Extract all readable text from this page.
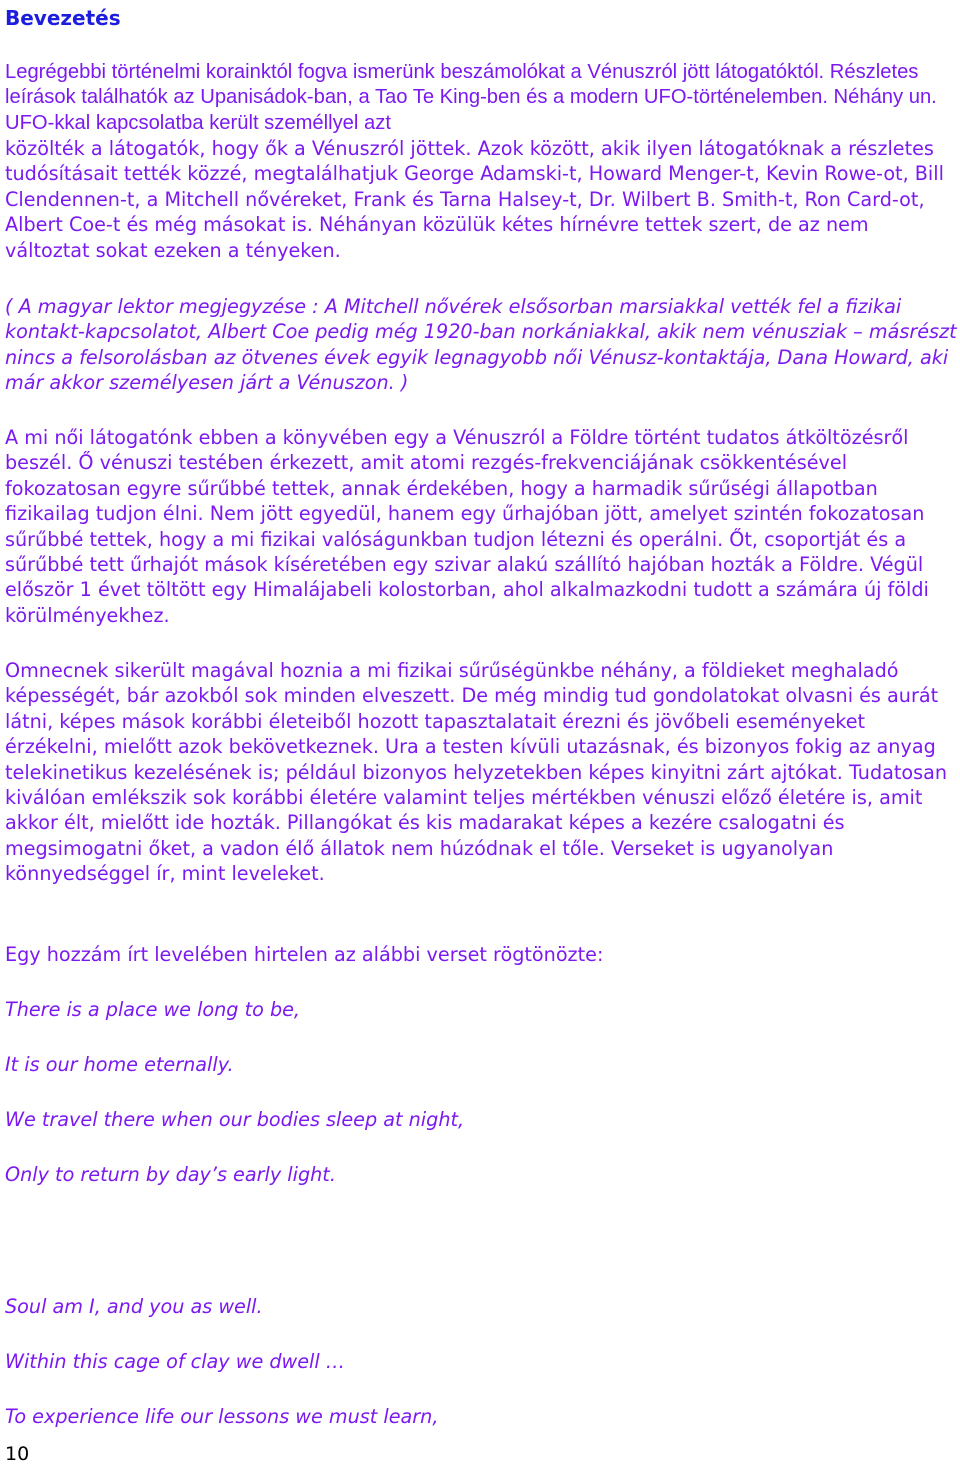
Bevezetés

Legrégebbi történelmi korainktól fogva ismerünk beszámolókat a Vénuszról jött látogatóktól. Részletes leírások találhatók az Upanisádok-ban, a Tao Te King-ben és a modern UFO-történelemben. Néhány un. UFO-kkal kapcsolatba került személlyel azt

közölték a látogatók, hogy ők a Vénuszról jöttek. Azok között, akik ilyen látogatóknak a részletes tudósításait tették közzé, megtalálhatjuk George Adamski-t, Howard Menger-t, Kevin Rowe-ot, Bill Clendennen-t, a Mitchell nővéreket, Frank és Tarna Halsey-t, Dr. Wilbert B. Smith-t, Ron Card-ot, Albert Coe-t és még másokat is. Néhányan közülük kétes hírnévre tettek szert, de az nem változtat sokat ezeken a tényeken.

( A magyar lektor megjegyzése : A Mitchell nővérek elsősorban marsiakkal vették fel a fizikai kontakt-kapcsolatot, Albert Coe pedig még 1920-ban norkániakkal, akik nem vénusziak – másrészt nincs a felsorolásban az ötvenes évek egyik legnagyobb női Vénusz-kontaktája, Dana Howard, aki már akkor személyesen járt a Vénuszon. )

A mi női látogatónk ebben a könyvében egy a Vénuszról a Földre történt tudatos átköltözésről beszél. Ő vénuszi testében érkezett, amit atomi rezgés-frekvenciájának csökkentésével fokozatosan egyre sűrűbbé tettek, annak érdekében, hogy a harmadik sűrűségi állapotban fizikailag tudjon élni. Nem jött egyedül, hanem egy űrhajóban jött, amelyet szintén fokozatosan sűrűbbé tettek, hogy a mi fizikai valóságunkban tudjon létezni és operálni. Őt, csoportját és a sűrűbbé tett űrhajót mások kíséretében egy szivar alakú szállító hajóban hozták a Földre. Végül először 1 évet töltött egy Himalájabeli kolostorban, ahol alkalmazkodni tudott a számára új földi körülményekhez.

Omnecnek sikerült magával hoznia a mi fizikai sűrűségünkbe néhány, a földieket meghaladó képességét, bár azokból sok minden elveszett. De még mindig tud gondolatokat olvasni és aurát látni, képes mások korábbi életeiből hozott tapasztalatait érezni és jövőbeli eseményeket érzékelni, mielőtt azok bekövetkeznek. Ura a testen kívüli utazásnak, és bizonyos fokig az anyag telekinetikus kezelésének is; például bizonyos helyzetekben képes kinyitni zárt ajtókat. Tudatosan kiválóan emlékszik sok korábbi életére valamint teljes mértékben vénuszi előző életére is, amit akkor élt, mielőtt ide hozták. Pillangókat és kis madarakat képes a kezére csalogatni és megsimogatni őket, a vadon élő állatok nem húzódnak el tőle. Verseket is ugyanolyan könnyedséggel ír, mint leveleket.

Egy hozzám írt levelében hirtelen az alábbi verset rögtönözte:

There is a place we long to be,

It is our home eternally.

We travel there when our bodies sleep at night,

Only to return by day’s early light.

Soul am I, and you as well.

Within this cage of clay we dwell …

To experience life our lessons we must learn,

10
